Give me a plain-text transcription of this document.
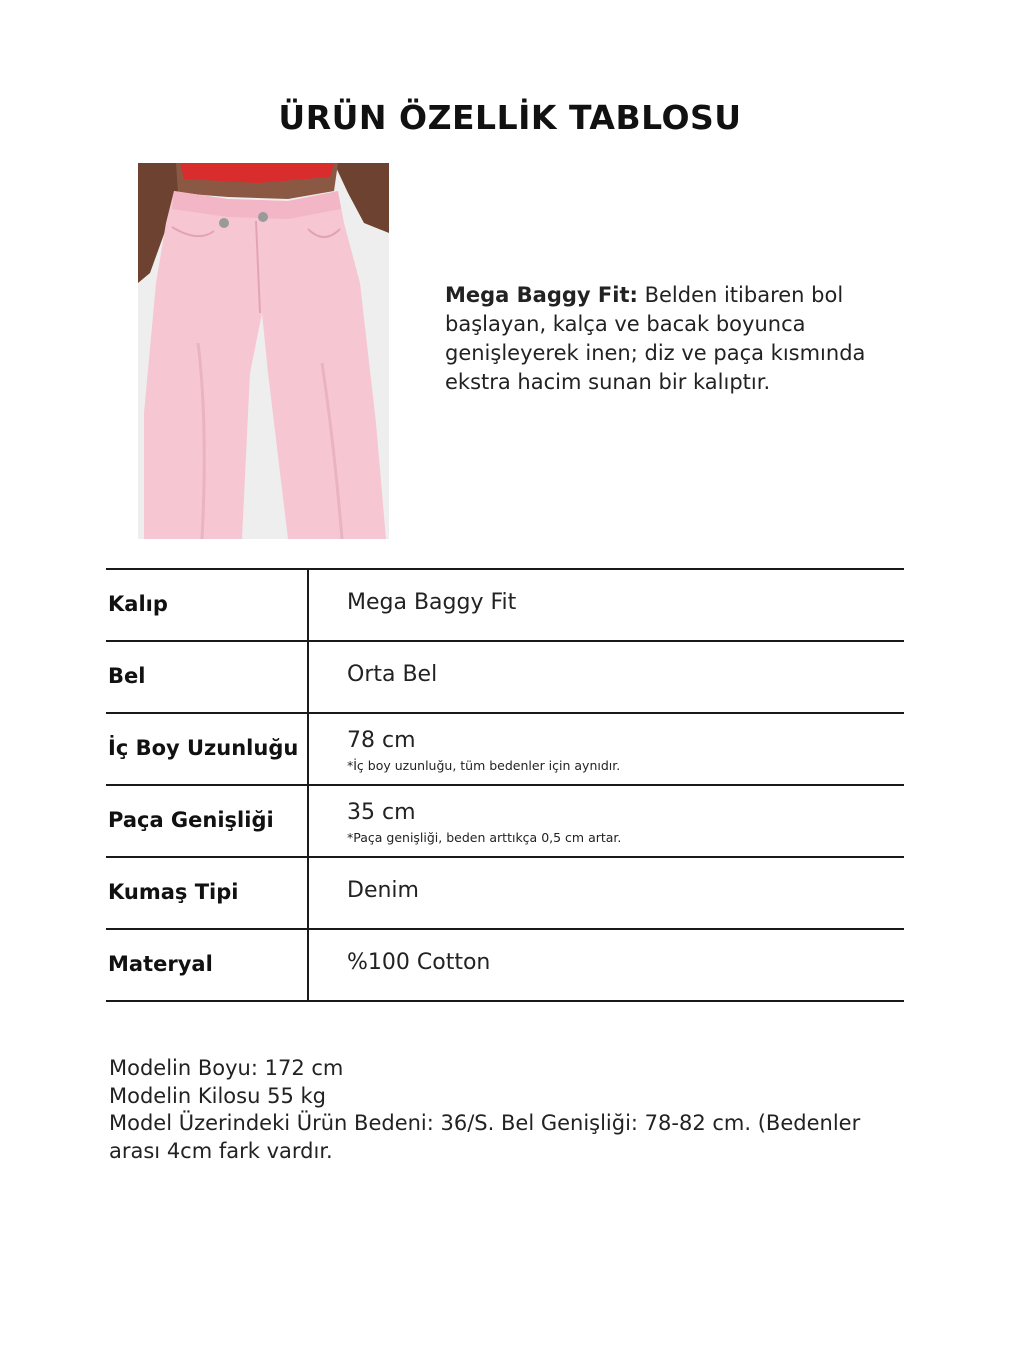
ÜRÜN ÖZELLİK TABLOSU
Mega Baggy Fit: Belden itibaren bol başlayan, kalça ve bacak boyunca genişleyerek inen; diz ve paça kısmında ekstra hacim sunan bir kalıptır.
Kalıp	Mega Baggy Fit
Bel	Orta Bel
İç Boy Uzunluğu 78 cm
*İç boy uzunluğu, tüm bedenler için aynıdır.
Paça Genişliği	35 cm
*Paça genişliği, beden arttıkça 0,5 cm artar.
Kumaş Tipi	Denim
Materyal	%100 Cotton
Modelin Boyu: 172 cm
Modelin Kilosu 55 kg
Model Üzerindeki Ürün Bedeni: 36/S. Bel Genişliği: 78-82 cm. (Bedenler arası 4cm fark vardır.
